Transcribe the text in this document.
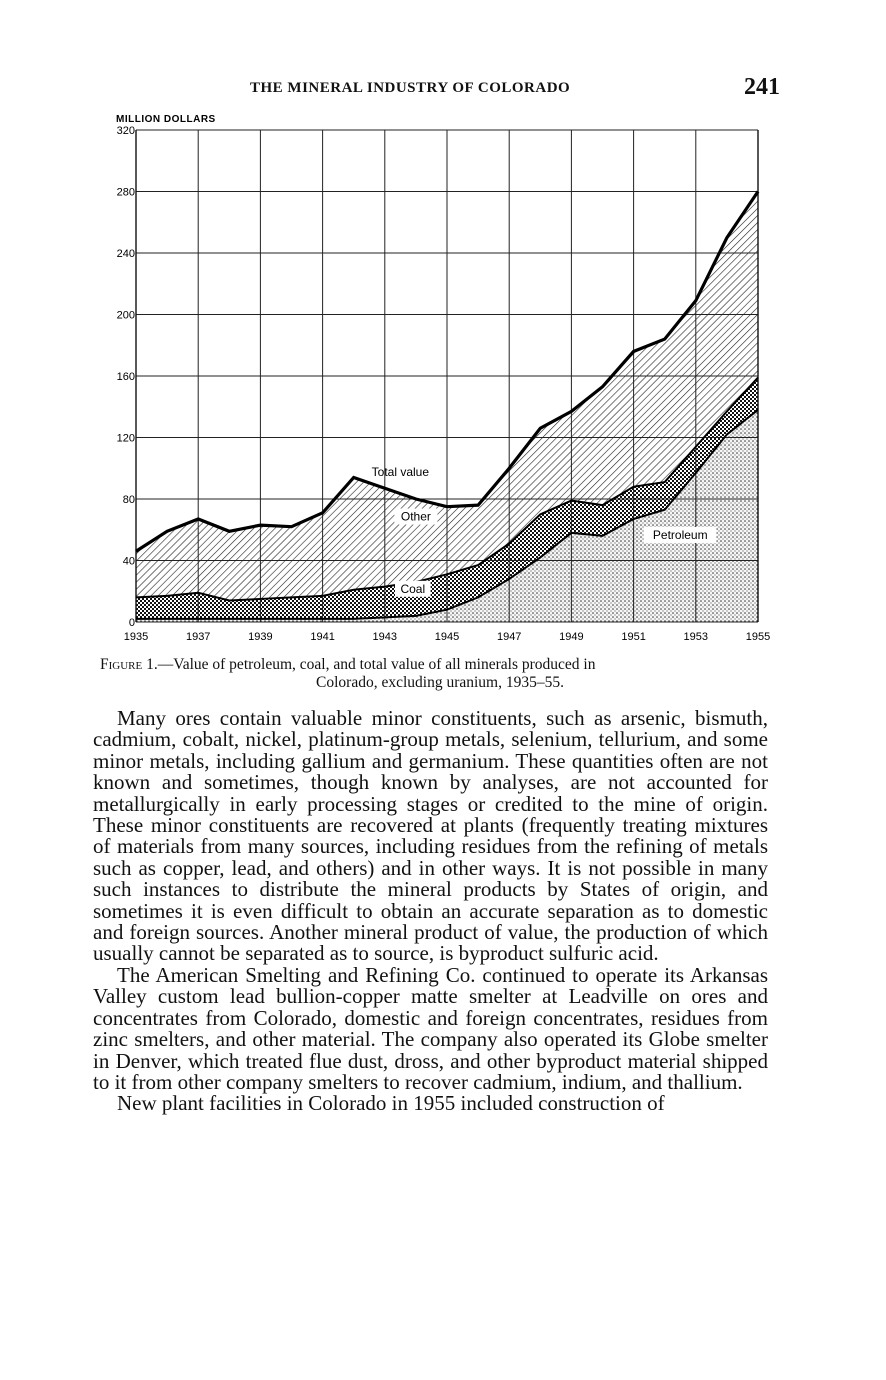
THE MINERAL INDUSTRY OF COLORADO	241
MILLION DOLLARS
0
40
80
120
160
200
240
280
320
1935	1937	1939	1941	1943	1945	1947	1949	1951	1953	1955
Total value
Other
Coal
Petroleum
Figure 1.—Value of petroleum, coal, and total value of all minerals produced in
Colorado, excluding uranium, 1935–55.

Many ores contain valuable minor constituents, such as arsenic, bismuth, cadmium, cobalt, nickel, platinum-group metals, selenium, tellurium, and some minor metals, including gallium and germanium. These quantities often are not known and sometimes, though known by analyses, are not accounted for metallurgically in early processing stages or credited to the mine of origin. These minor constituents are recovered at plants (frequently treating mixtures of materials from many sources, including residues from the refining of metals such as copper, lead, and others) and in other ways. It is not possible in many such instances to distribute the mineral products by States of origin, and sometimes it is even difficult to obtain an accurate separation as to domestic and foreign sources. Another mineral product of value, the production of which usually cannot be separated as to source, is byproduct sulfuric acid.

The American Smelting and Refining Co. continued to operate its Arkansas Valley custom lead bullion-copper matte smelter at Leadville on ores and concentrates from Colorado, domestic and foreign concentrates, residues from zinc smelters, and other material. The company also operated its Globe smelter in Denver, which treated flue dust, dross, and other byproduct material shipped to it from other company smelters to recover cadmium, indium, and thallium.

New plant facilities in Colorado in 1955 included construction of
